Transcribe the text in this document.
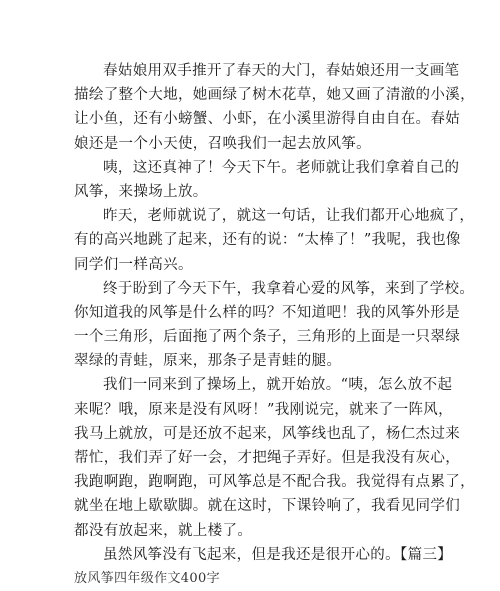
春姑娘用双手推开了春天的大门，春姑娘还用一支画笔
描绘了整个大地，她画绿了树木花草，她又画了清澈的小溪，
让小鱼，还有小螃蟹、小虾，在小溪里游得自由自在。春姑
娘还是一个小天使，召唤我们一起去放风筝。
咦，这还真神了！今天下午。老师就让我们拿着自己的
风筝，来操场上放。
昨天，老师就说了，就这一句话，让我们都开心地疯了，
有的高兴地跳了起来，还有的说：“太棒了！”我呢，我也像
同学们一样高兴。
终于盼到了今天下午，我拿着心爱的风筝，来到了学校。
你知道我的风筝是什么样的吗？不知道吧！我的风筝外形是
一个三角形，后面拖了两个条子，三角形的上面是一只翠绿
翠绿的青蛙，原来，那条子是青蛙的腿。
我们一同来到了操场上，就开始放。“咦，怎么放不起
来呢？哦，原来是没有风呀！”我刚说完，就来了一阵风，
我马上就放，可是还放不起来，风筝线也乱了，杨仁杰过来
帮忙，我们弄了好一会，才把绳子弄好。但是我没有灰心，
我跑啊跑，跑啊跑，可风筝总是不配合我。我觉得有点累了，
就坐在地上歇歇脚。就在这时，下课铃响了，我看见同学们
都没有放起来，就上楼了。
虽然风筝没有飞起来，但是我还是很开心的。【篇三】
放风筝四年级作文400字
